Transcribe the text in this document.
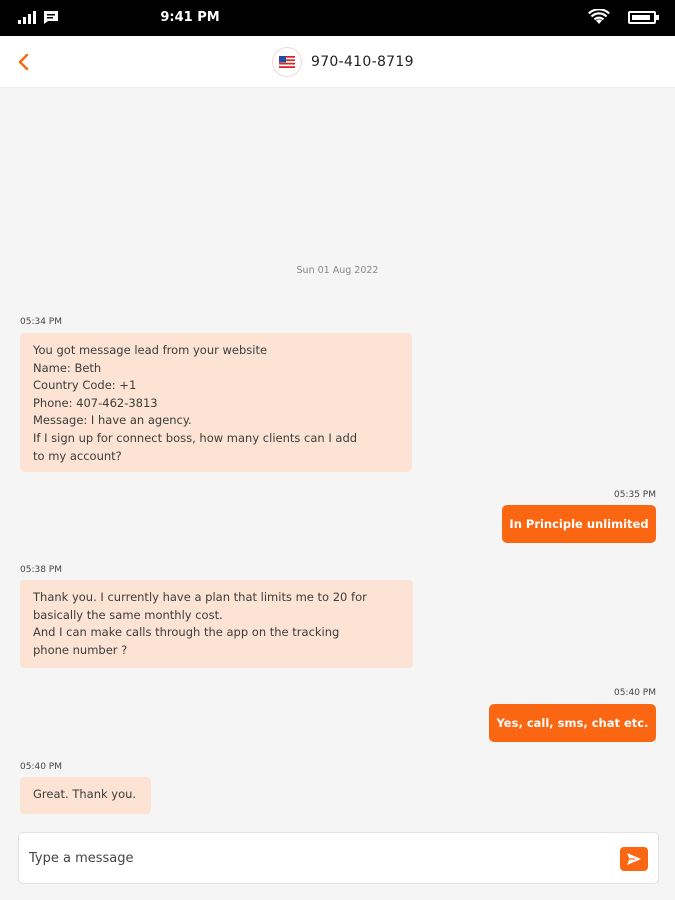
9:41 PM
970-410-8719
Sun 01 Aug 2022
05:34 PM
You got message lead from your website
Name: Beth
Country Code: +1
Phone: 407-462-3813
Message: I have an agency.
If I sign up for connect boss, how many clients can I add
to my account?
05:35 PM
In Principle unlimited
05:38 PM
Thank you. I currently have a plan that limits me to 20 for
basically the same monthly cost.
And I can make calls through the app on the tracking
phone number ?
05:40 PM
Yes, call, sms, chat etc.
05:40 PM
Great. Thank you.
Type a message
